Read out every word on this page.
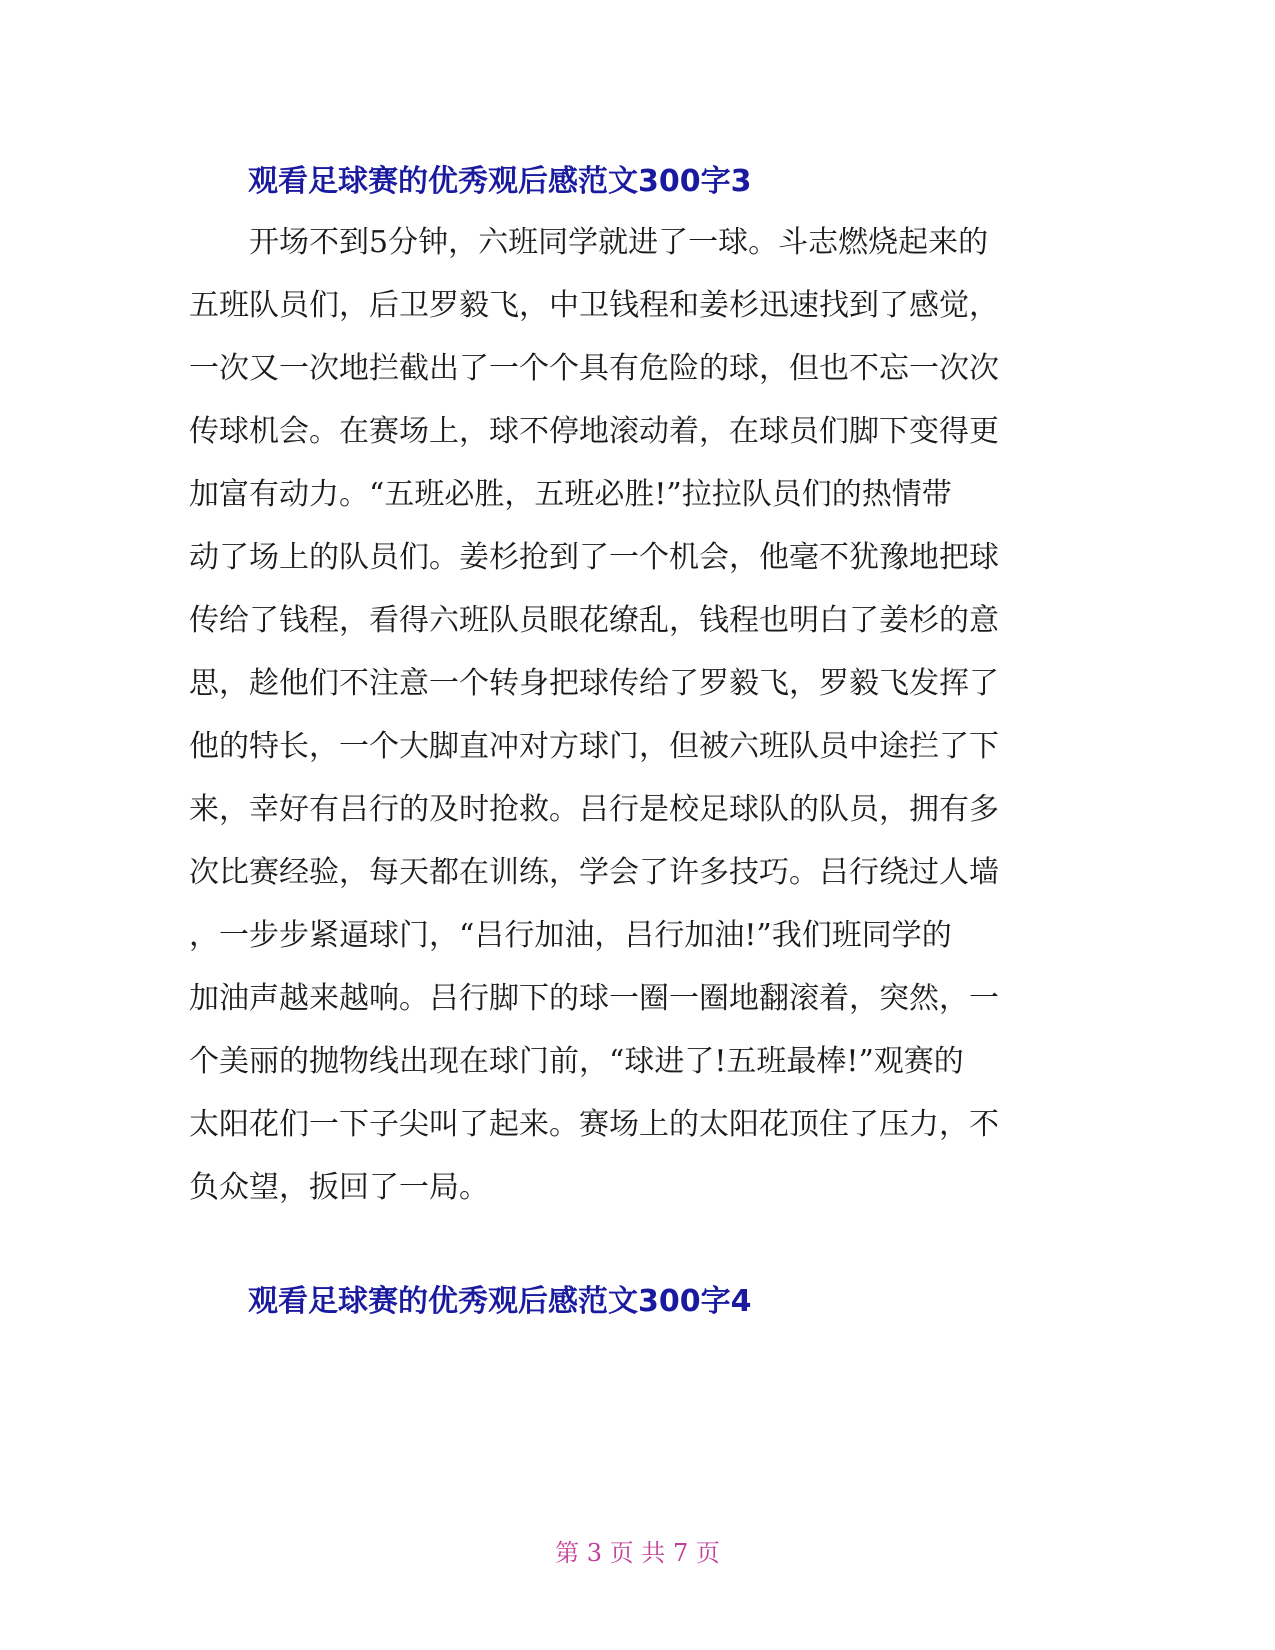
观看足球赛的优秀观后感范文300字3
开场不到5分钟，六班同学就进了一球。斗志燃烧起来的
五班队员们，后卫罗毅飞，中卫钱程和姜杉迅速找到了感觉，
一次又一次地拦截出了一个个具有危险的球，但也不忘一次次
传球机会。在赛场上，球不停地滚动着，在球员们脚下变得更
加富有动力。“五班必胜，五班必胜!”拉拉队员们的热情带
动了场上的队员们。姜杉抢到了一个机会，他毫不犹豫地把球
传给了钱程，看得六班队员眼花缭乱，钱程也明白了姜杉的意
思，趁他们不注意一个转身把球传给了罗毅飞，罗毅飞发挥了
他的特长，一个大脚直冲对方球门，但被六班队员中途拦了下
来，幸好有吕行的及时抢救。吕行是校足球队的队员，拥有多
次比赛经验，每天都在训练，学会了许多技巧。吕行绕过人墙
，一步步紧逼球门，“吕行加油，吕行加油!”我们班同学的
加油声越来越响。吕行脚下的球一圈一圈地翻滚着，突然，一
个美丽的抛物线出现在球门前，“球进了!五班最棒!”观赛的
太阳花们一下子尖叫了起来。赛场上的太阳花顶住了压力，不
负众望，扳回了一局。
观看足球赛的优秀观后感范文300字4
第 3 页 共 7 页
